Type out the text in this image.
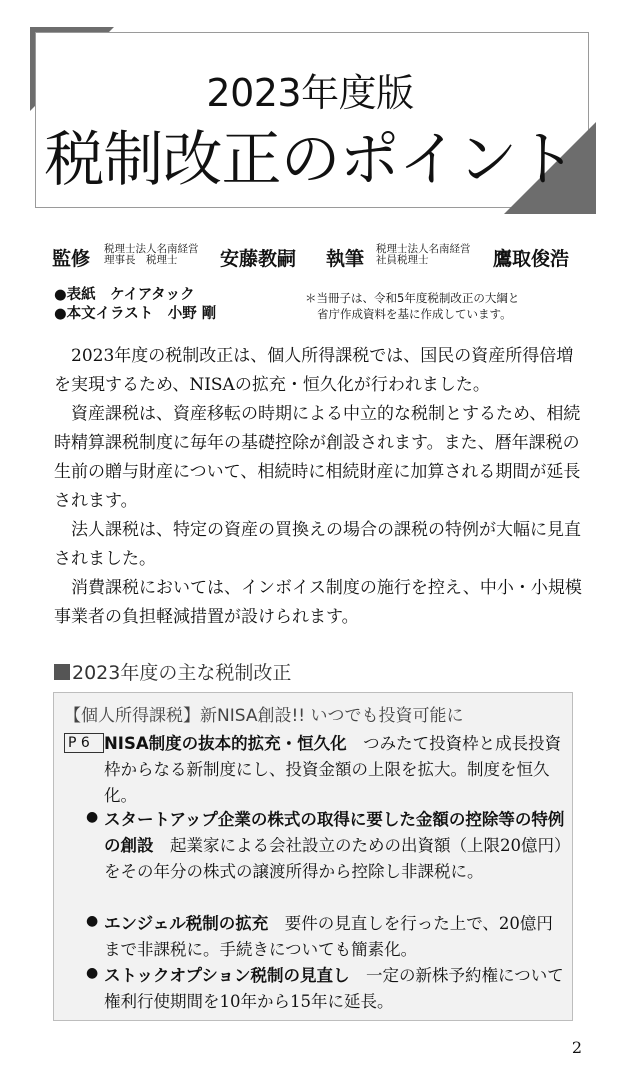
2023年度版
税制改正のポイント
監修 税理士法人名南経営
理事長　税理士	安藤教嗣 執筆 税理士法人名南経営
社員税理士	鷹取俊浩
●表紙　ケイアタック
●本文イラスト　小野 剛
＊当冊子は、令和5年度税制改正の大綱と
省庁作成資料を基に作成しています。

2023年度の税制改正は、個人所得課税では、国民の資産所得倍増を実現するため、NISAの拡充・恒久化が行われました。

資産課税は、資産移転の時期による中立的な税制とするため、相続時精算課税制度に毎年の基礎控除が創設されます。また、暦年課税の生前の贈与財産について、相続時に相続財産に加算される期間が延長されます。

法人課税は、特定の資産の買換えの場合の課税の特例が大幅に見直されました。

消費課税においては、インボイス制度の施行を控え、中小・小規模事業者の負担軽減措置が設けられます。

2023年度の主な税制改正
【個人所得課税】新NISA創設!! いつでも投資可能に
P 6 NISA制度の抜本的拡充・恒久化　つみたて投資枠と成長投資枠からなる新制度にし、投資金額の上限を拡大。制度を恒久化。
● スタートアップ企業の株式の取得に要した金額の控除等の特例の創設　起業家による会社設立のための出資額（上限20億円）をその年分の株式の譲渡所得から控除し非課税に。
● エンジェル税制の拡充　要件の見直しを行った上で、20億円まで非課税に。手続きについても簡素化。
● ストックオプション税制の見直し　一定の新株予約権について権利行使期間を10年から15年に延長。
2
